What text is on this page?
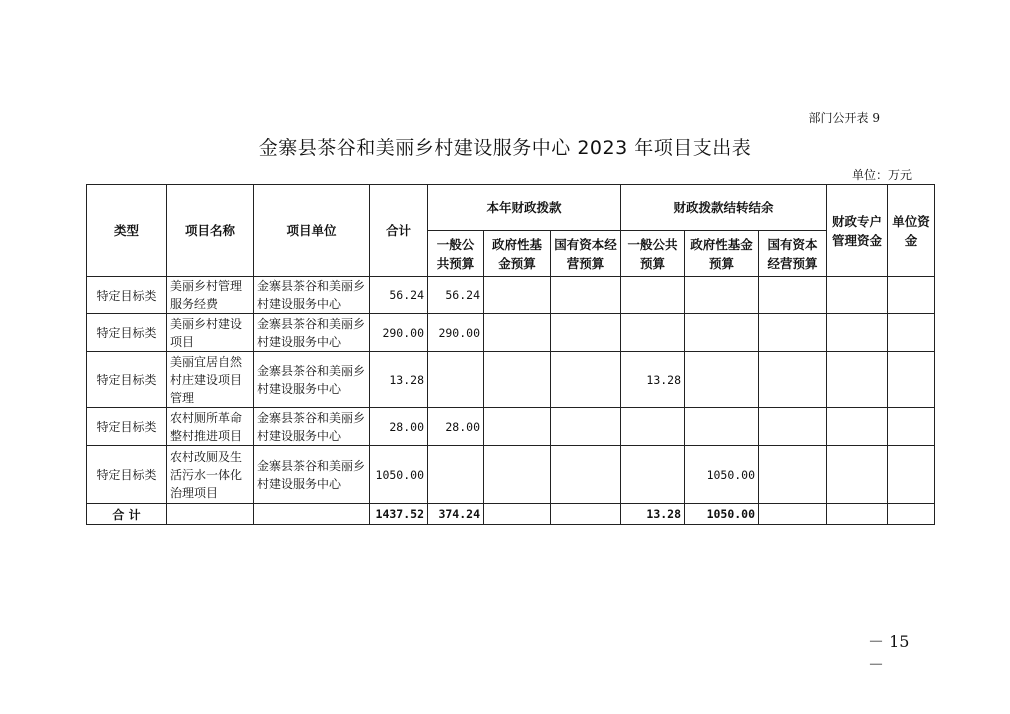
部门公开表 9
金寨县茶谷和美丽乡村建设服务中心 2023 年项目支出表
单位：万元
类型	项目名称	项目单位	合计	本年财政拨款			财政拨款结转结余			财政专户管理资金	单位资金
				一般公共预算	政府性基金预算	国有资本经营预算	一般公共预算	政府性基金预算	国有资本经营预算		
特定目标类	美丽乡村管理服务经费	金寨县茶谷和美丽乡村建设服务中心	56.24	56.24							
特定目标类	美丽乡村建设项目	金寨县茶谷和美丽乡村建设服务中心	290.00	290.00							
特定目标类	美丽宜居自然村庄建设项目管理	金寨县茶谷和美丽乡村建设服务中心	13.28				13.28				
特定目标类	农村厕所革命整村推进项目	金寨县茶谷和美丽乡村建设服务中心	28.00	28.00							
特定目标类	农村改厕及生活污水一体化治理项目	金寨县茶谷和美丽乡村建设服务中心	1050.00					1050.00			
合 计			1437.52	374.24			13.28	1050.00			
－ 15 －
